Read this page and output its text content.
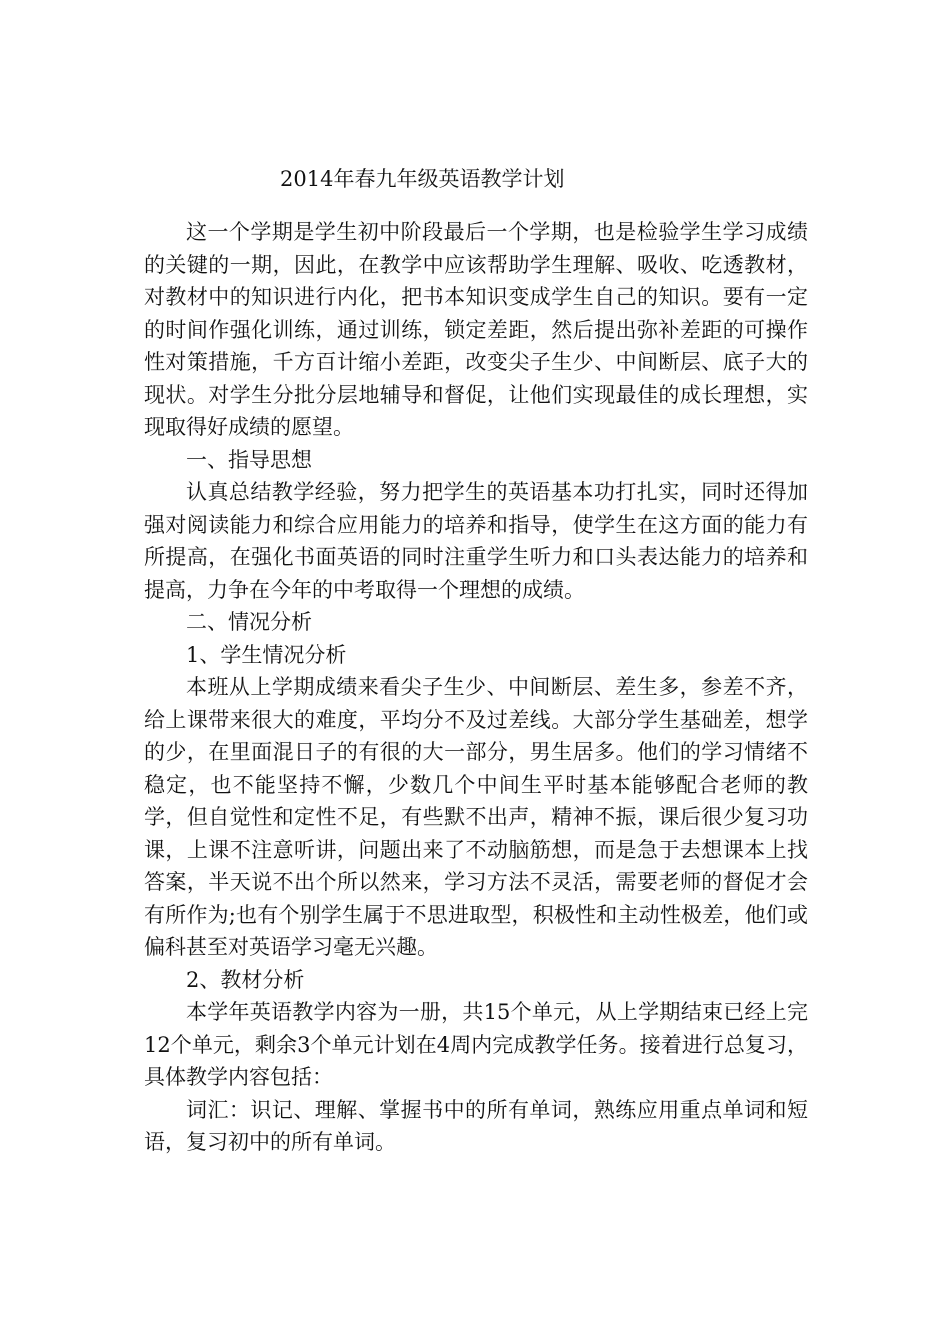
2014年春九年级英语教学计划

这一个学期是学生初中阶段最后一个学期，也是检验学生学习成绩的关键的一期，因此，在教学中应该帮助学生理解、吸收、吃透教材，对教材中的知识进行内化，把书本知识变成学生自己的知识。要有一定的时间作强化训练，通过训练，锁定差距，然后提出弥补差距的可操作性对策措施，千方百计缩小差距，改变尖子生少、中间断层、底子大的现状。对学生分批分层地辅导和督促，让他们实现最佳的成长理想，实现取得好成绩的愿望。

一、指导思想

认真总结教学经验，努力把学生的英语基本功打扎实，同时还得加强对阅读能力和综合应用能力的培养和指导，使学生在这方面的能力有所提高，在强化书面英语的同时注重学生听力和口头表达能力的培养和提高，力争在今年的中考取得一个理想的成绩。

二、情况分析

1、学生情况分析

本班从上学期成绩来看尖子生少、中间断层、差生多，参差不齐，给上课带来很大的难度，平均分不及过差线。大部分学生基础差，想学的少，在里面混日子的有很的大一部分，男生居多。他们的学习情绪不稳定，也不能坚持不懈，少数几个中间生平时基本能够配合老师的教学，但自觉性和定性不足，有些默不出声，精神不振，课后很少复习功课，上课不注意听讲，问题出来了不动脑筋想，而是急于去想课本上找答案，半天说不出个所以然来，学习方法不灵活，需要老师的督促才会有所作为;也有个别学生属于不思进取型，积极性和主动性极差，他们或偏科甚至对英语学习毫无兴趣。

2、教材分析

本学年英语教学内容为一册，共15个单元，从上学期结束已经上完12个单元，剩余3个单元计划在4周内完成教学任务。接着进行总复习，具体教学内容包括：

词汇：识记、理解、掌握书中的所有单词，熟练应用重点单词和短语，复习初中的所有单词。
